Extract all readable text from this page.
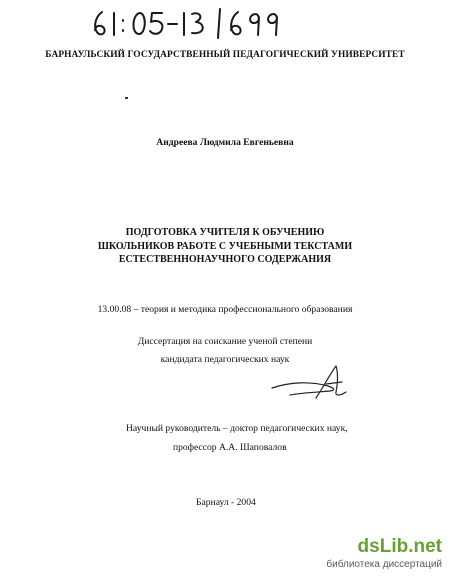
БАРНАУЛЬСКИЙ ГОСУДАРСТВЕННЫЙ ПЕДАГОГИЧЕСКИЙ УНИВЕРСИТЕТ
Андреева Людмила Евгеньевна
ПОДГОТОВКА УЧИТЕЛЯ К ОБУЧЕНИЮ
ШКОЛЬНИКОВ РАБОТЕ С УЧЕБНЫМИ ТЕКСТАМИ
ЕСТЕСТВЕННОНАУЧНОГО СОДЕРЖАНИЯ
13.00.08 – теория и методика профессионального образования
Диссертация на соискание ученой степени
кандидата педагогических наук
Научный руководитель – доктор педагогических наук,
профессор А.А. Шаповалов
Барнаул - 2004
dsLib.net
библиотека диссертаций
